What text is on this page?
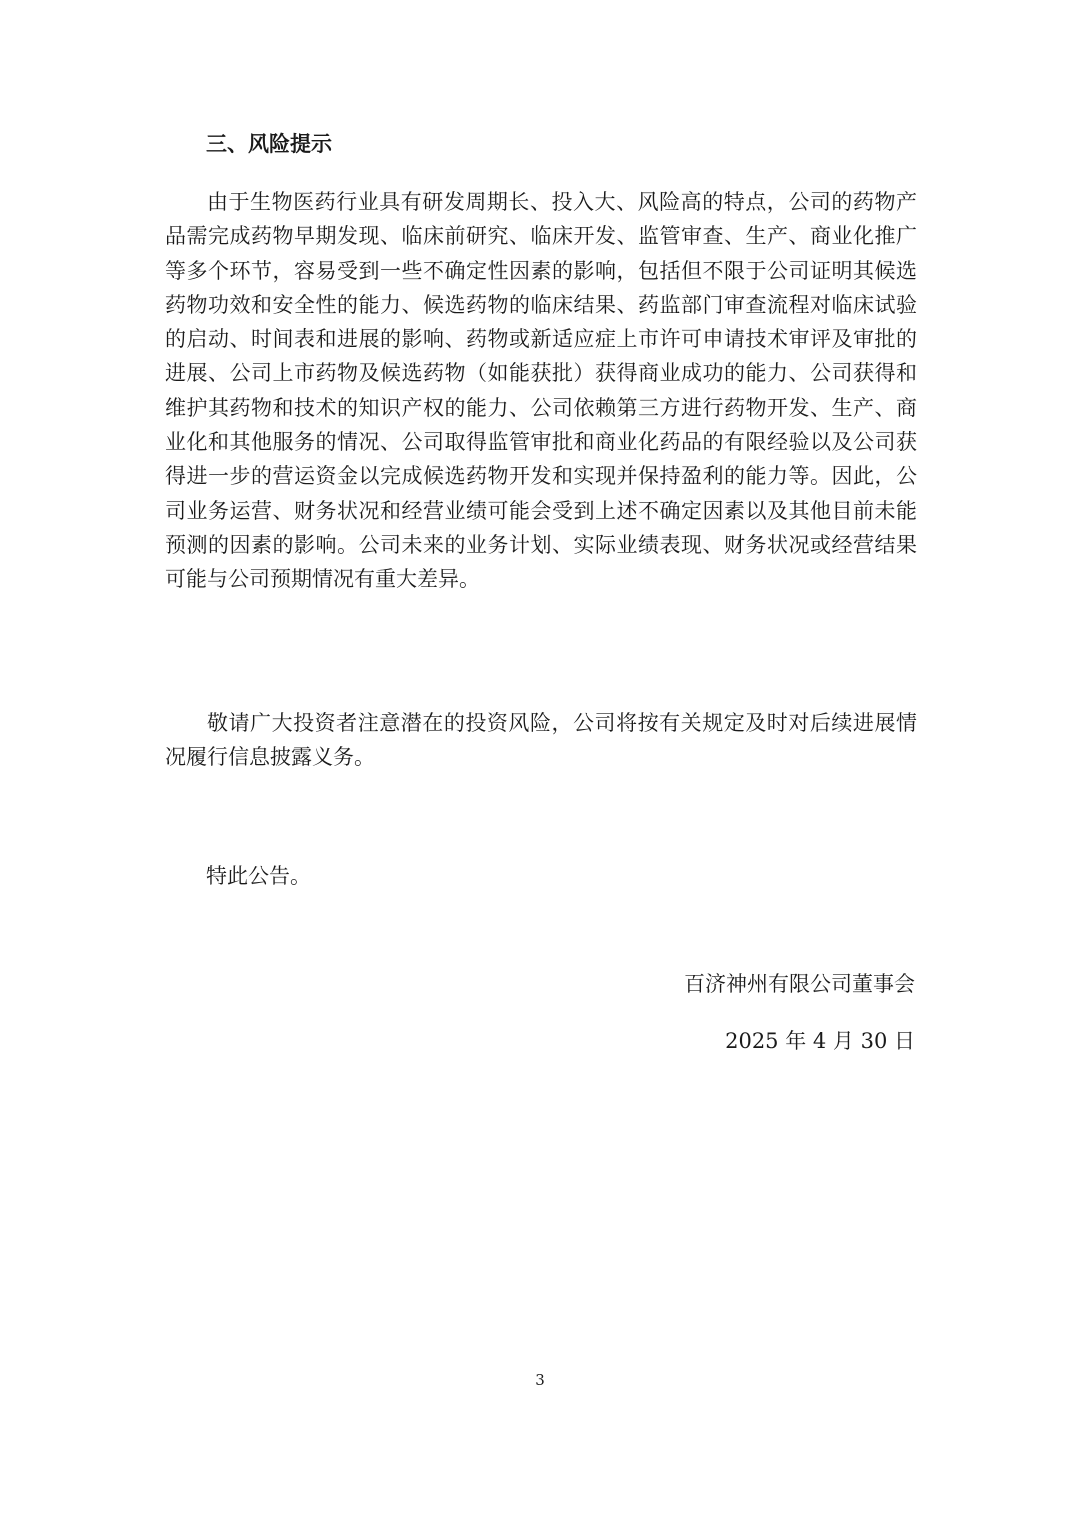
三、风险提示

由于生物医药行业具有研发周期长、投入大、风险高的特点，公司的药物产品需完成药物早期发现、临床前研究、临床开发、监管审查、生产、商业化推广等多个环节，容易受到一些不确定性因素的影响，包括但不限于公司证明其候选药物功效和安全性的能力、候选药物的临床结果、药监部门审查流程对临床试验的启动、时间表和进展的影响、药物或新适应症上市许可申请技术审评及审批的进展、公司上市药物及候选药物（如能获批）获得商业成功的能力、公司获得和维护其药物和技术的知识产权的能力、公司依赖第三方进行药物开发、生产、商业化和其他服务的情况、公司取得监管审批和商业化药品的有限经验以及公司获得进一步的营运资金以完成候选药物开发和实现并保持盈利的能力等。因此，公司业务运营、财务状况和经营业绩可能会受到上述不确定因素以及其他目前未能预测的因素的影响。公司未来的业务计划、实际业绩表现、财务状况或经营结果可能与公司预期情况有重大差异。

敬请广大投资者注意潜在的投资风险，公司将按有关规定及时对后续进展情况履行信息披露义务。

特此公告。
百济神州有限公司董事会
2025 年 4 月 30 日
3
